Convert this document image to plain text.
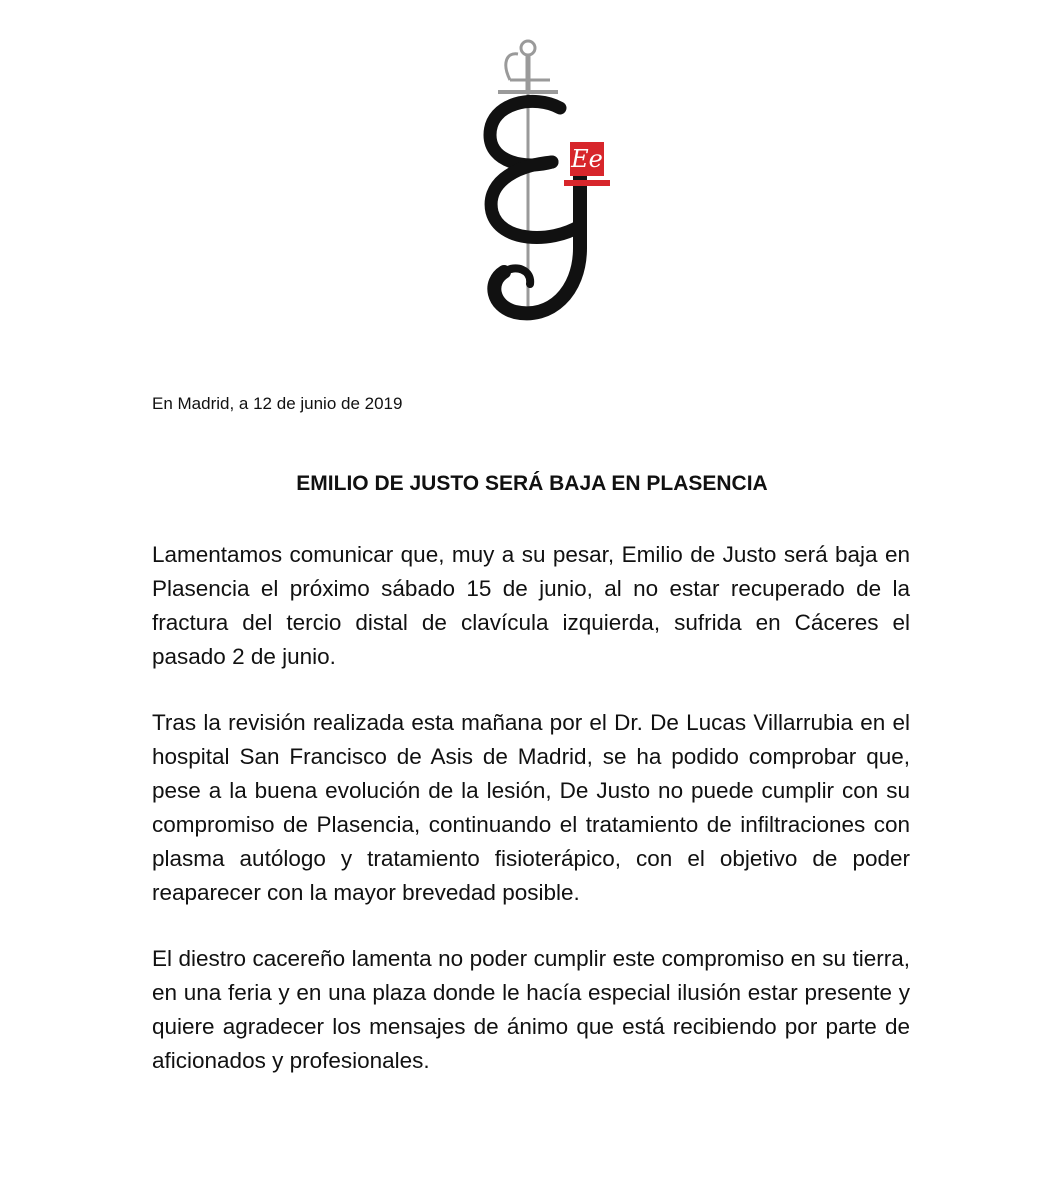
Ee
En Madrid, a 12 de junio de 2019
EMILIO DE JUSTO SERÁ BAJA EN PLASENCIA

Lamentamos comunicar que, muy a su pesar, Emilio de Justo será baja en Plasencia el próximo sábado 15 de junio, al no estar recuperado de la fractura del tercio distal de clavícula izquierda, sufrida en Cáceres el pasado 2 de junio.

Tras la revisión realizada esta mañana por el Dr. De Lucas Villarrubia en el hospital San Francisco de Asis de Madrid, se ha podido comprobar que, pese a la buena evolución de la lesión, De Justo no puede cumplir con su compromiso de Plasencia, continuando el tratamiento de infiltraciones con plasma autólogo y tratamiento fisioterápico, con el objetivo de poder reaparecer con la mayor brevedad posible.

El diestro cacereño lamenta no poder cumplir este compromiso en su tierra, en una feria y en una plaza donde le hacía especial ilusión estar presente y quiere agradecer los mensajes de ánimo que está recibiendo por parte de aficionados y profesionales.
